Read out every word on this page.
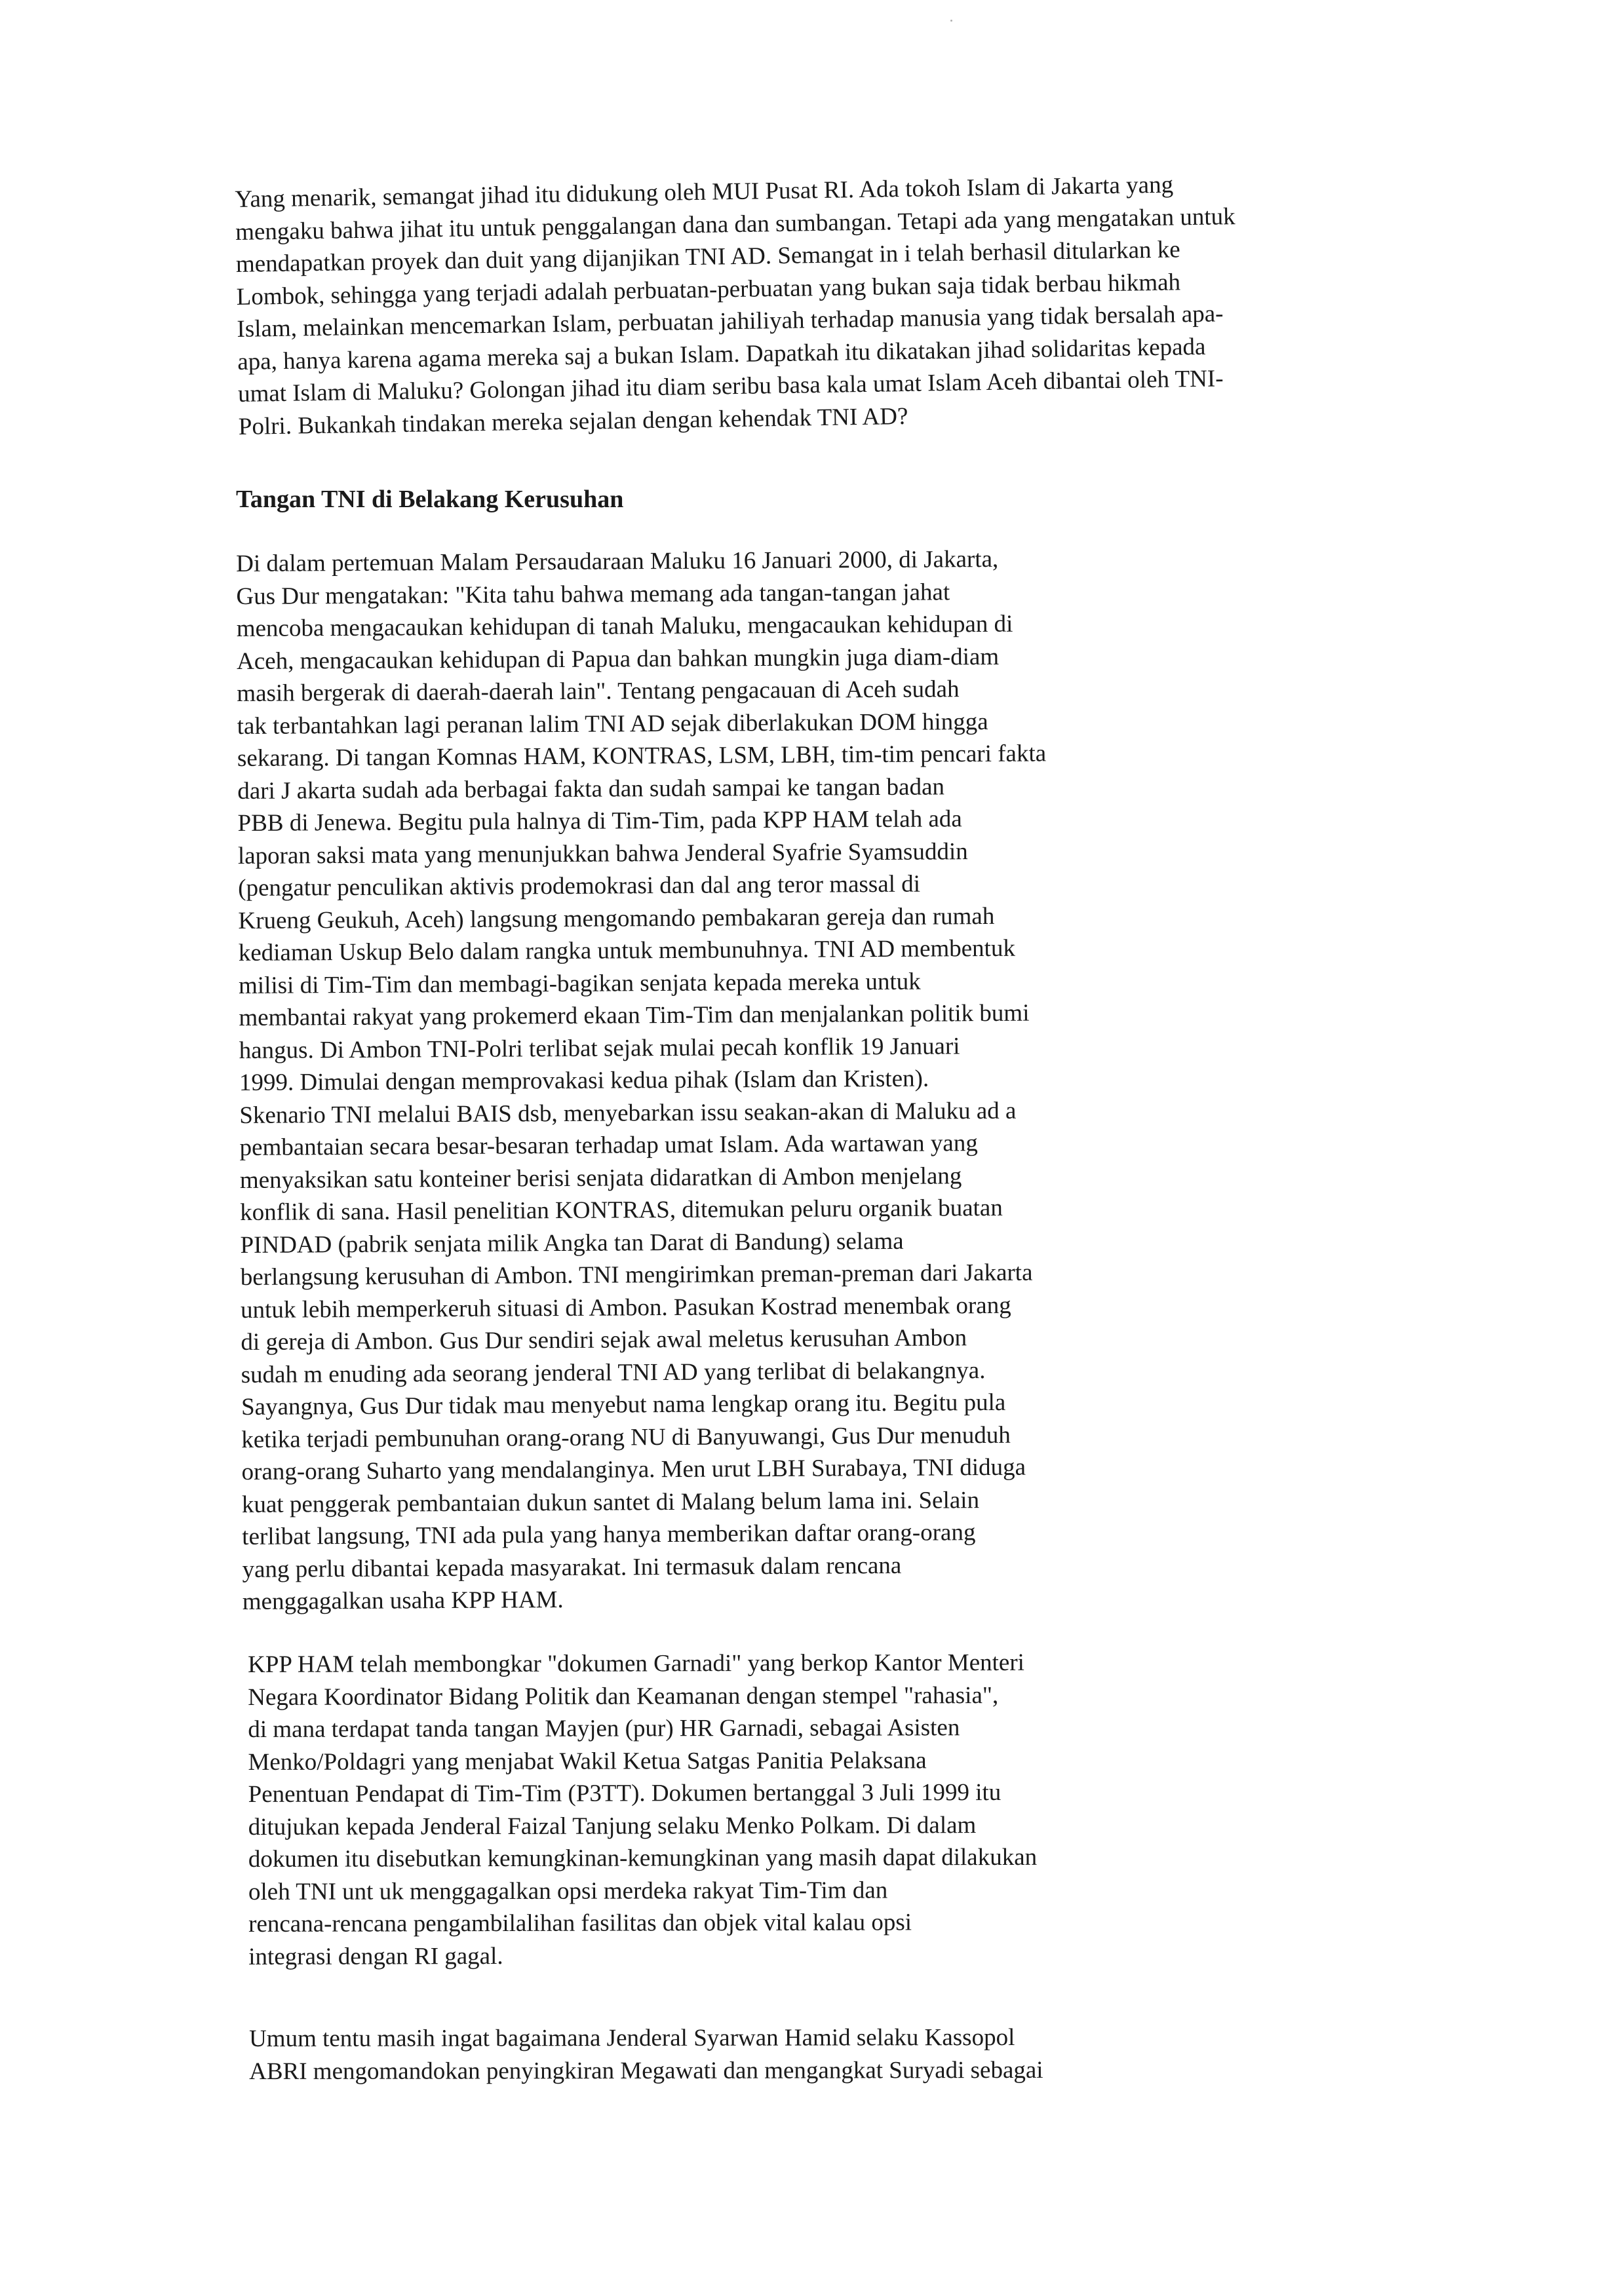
Yang menarik, semangat jihad itu didukung oleh MUI Pusat RI. Ada tokoh Islam di Jakarta yang
mengaku bahwa jihat itu untuk penggalangan dana dan sumbangan. Tetapi ada yang mengatakan untuk
mendapatkan proyek dan duit yang dijanjikan TNI AD. Semangat in i telah berhasil ditularkan ke
Lombok, sehingga yang terjadi adalah perbuatan-perbuatan yang bukan saja tidak berbau hikmah
Islam, melainkan mencemarkan Islam, perbuatan jahiliyah terhadap manusia yang tidak bersalah apa-
apa, hanya karena agama mereka saj a bukan Islam. Dapatkah itu dikatakan jihad solidaritas kepada
umat Islam di Maluku? Golongan jihad itu diam seribu basa kala umat Islam Aceh dibantai oleh TNI-
Polri. Bukankah tindakan mereka sejalan dengan kehendak TNI AD?
Tangan TNI di Belakang Kerusuhan
Di dalam pertemuan Malam Persaudaraan Maluku 16 Januari 2000, di Jakarta,
Gus Dur mengatakan: "Kita tahu bahwa memang ada tangan-tangan jahat
mencoba mengacaukan kehidupan di tanah Maluku, mengacaukan kehidupan di
Aceh, mengacaukan kehidupan di Papua dan bahkan mungkin juga diam-diam
masih bergerak di daerah-daerah lain". Tentang pengacauan di Aceh sudah
tak terbantahkan lagi peranan lalim TNI AD sejak diberlakukan DOM hingga
sekarang. Di tangan Komnas HAM, KONTRAS, LSM, LBH, tim-tim pencari fakta
dari J akarta sudah ada berbagai fakta dan sudah sampai ke tangan badan
PBB di Jenewa. Begitu pula halnya di Tim-Tim, pada KPP HAM telah ada
laporan saksi mata yang menunjukkan bahwa Jenderal Syafrie Syamsuddin
(pengatur penculikan aktivis prodemokrasi dan dal ang teror massal di
Krueng Geukuh, Aceh) langsung mengomando pembakaran gereja dan rumah
kediaman Uskup Belo dalam rangka untuk membunuhnya. TNI AD membentuk
milisi di Tim-Tim dan membagi-bagikan senjata kepada mereka untuk
membantai rakyat yang prokemerd ekaan Tim-Tim dan menjalankan politik bumi
hangus. Di Ambon TNI-Polri terlibat sejak mulai pecah konflik 19 Januari
1999. Dimulai dengan memprovakasi kedua pihak (Islam dan Kristen).
Skenario TNI melalui BAIS dsb, menyebarkan issu seakan-akan di Maluku ad a
pembantaian secara besar-besaran terhadap umat Islam. Ada wartawan yang
menyaksikan satu konteiner berisi senjata didaratkan di Ambon menjelang
konflik di sana. Hasil penelitian KONTRAS, ditemukan peluru organik buatan
PINDAD (pabrik senjata milik Angka tan Darat di Bandung) selama
berlangsung kerusuhan di Ambon. TNI mengirimkan preman-preman dari Jakarta
untuk lebih memperkeruh situasi di Ambon. Pasukan Kostrad menembak orang
di gereja di Ambon. Gus Dur sendiri sejak awal meletus kerusuhan Ambon
sudah m enuding ada seorang jenderal TNI AD yang terlibat di belakangnya.
Sayangnya, Gus Dur tidak mau menyebut nama lengkap orang itu. Begitu pula
ketika terjadi pembunuhan orang-orang NU di Banyuwangi, Gus Dur menuduh
orang-orang Suharto yang mendalanginya. Men urut LBH Surabaya, TNI diduga
kuat penggerak pembantaian dukun santet di Malang belum lama ini. Selain
terlibat langsung, TNI ada pula yang hanya memberikan daftar orang-orang
yang perlu dibantai kepada masyarakat. Ini termasuk dalam rencana
menggagalkan usaha KPP HAM.
KPP HAM telah membongkar "dokumen Garnadi" yang berkop Kantor Menteri
Negara Koordinator Bidang Politik dan Keamanan dengan stempel "rahasia",
di mana terdapat tanda tangan Mayjen (pur) HR Garnadi, sebagai Asisten
Menko/Poldagri yang menjabat Wakil Ketua Satgas Panitia Pelaksana
Penentuan Pendapat di Tim-Tim (P3TT). Dokumen bertanggal 3 Juli 1999 itu
ditujukan kepada Jenderal Faizal Tanjung selaku Menko Polkam. Di dalam
dokumen itu disebutkan kemungkinan-kemungkinan yang masih dapat dilakukan
oleh TNI unt uk menggagalkan opsi merdeka rakyat Tim-Tim dan
rencana-rencana pengambilalihan fasilitas dan objek vital kalau opsi
integrasi dengan RI gagal.
Umum tentu masih ingat bagaimana Jenderal Syarwan Hamid selaku Kassopol
ABRI mengomandokan penyingkiran Megawati dan mengangkat Suryadi sebagai
